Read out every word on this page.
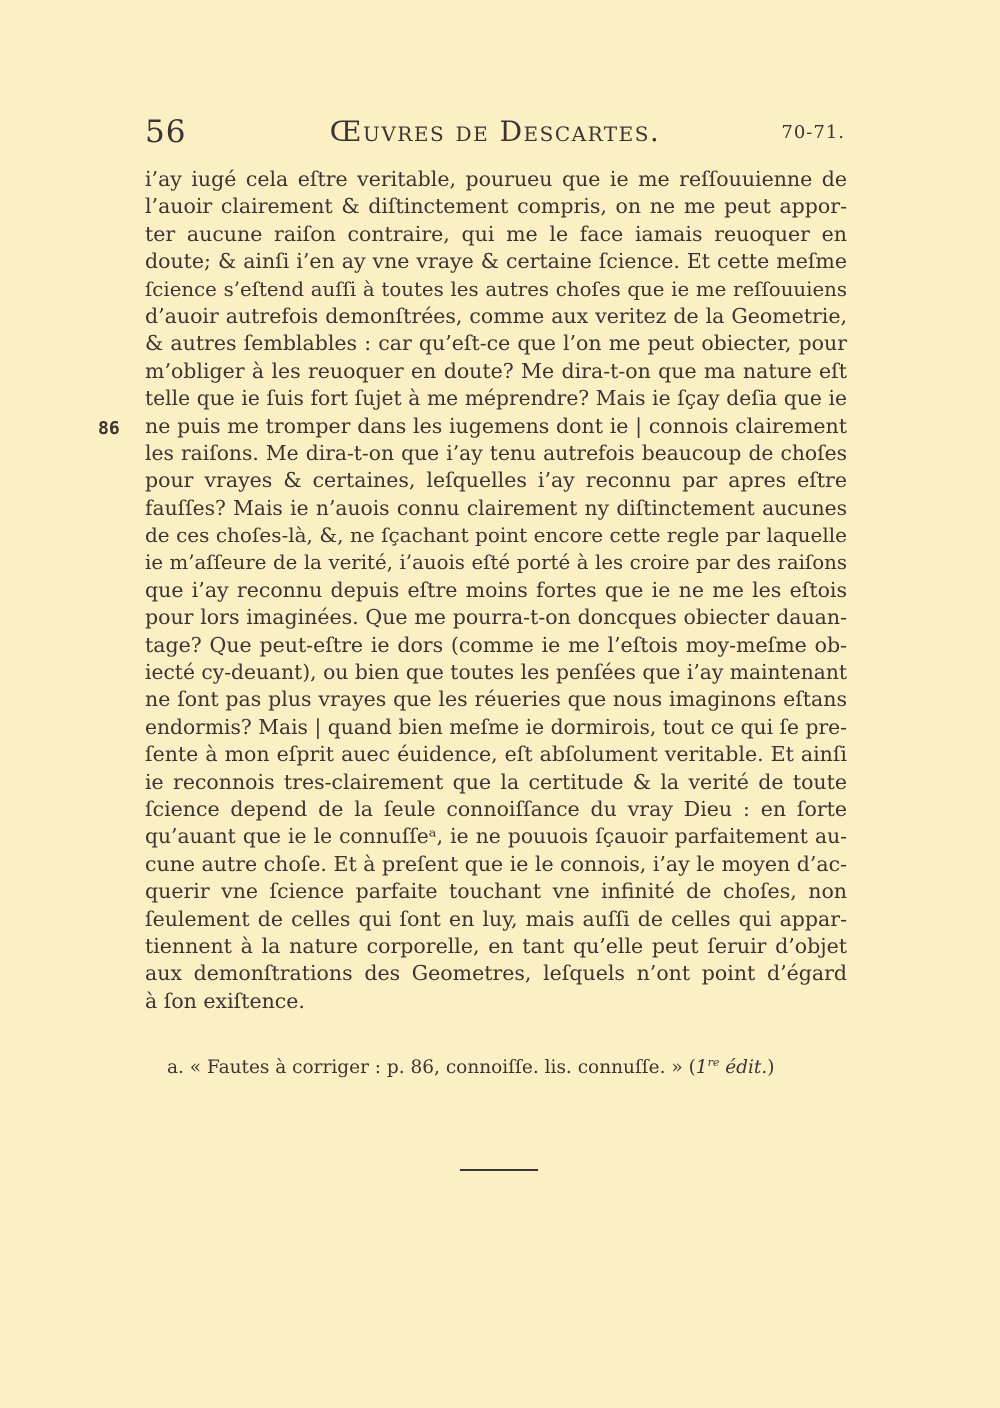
56	Œuvres de Descartes.	70-71.
86
i’ay iugé cela eſtre veritable, pourueu que ie me reſſouuienne de
l’auoir clairement & diſtinctement compris, on ne me peut appor-
ter aucune raiſon contraire, qui me le face iamais reuoquer en
doute; & ainſi i’en ay vne vraye & certaine ſcience. Et cette meſme
ſcience s’eſtend auſſi à toutes les autres choſes que ie me reſſouuiens
d’auoir autrefois demonſtrées, comme aux veritez de la Geometrie,
& autres ſemblables : car qu’eſt-ce que l’on me peut obiecter, pour
m’obliger à les reuoquer en doute? Me dira-t-on que ma nature eſt
telle que ie ſuis fort ſujet à me méprendre? Mais ie ſçay deſia que ie
ne puis me tromper dans les iugemens dont ie | connois clairement
les raiſons. Me dira-t-on que i’ay tenu autrefois beaucoup de choſes
pour vrayes & certaines, leſquelles i’ay reconnu par apres eſtre
fauſſes? Mais ie n’auois connu clairement ny diſtinctement aucunes
de ces choſes-là, &, ne ſçachant point encore cette regle par laquelle
ie m’aſſeure de la verité, i’auois eſté porté à les croire par des raiſons
que i’ay reconnu depuis eſtre moins fortes que ie ne me les eſtois
pour lors imaginées. Que me pourra-t-on doncques obiecter dauan-
tage? Que peut-eſtre ie dors (comme ie me l’eſtois moy-meſme ob-
iecté cy-deuant), ou bien que toutes les penſées que i’ay maintenant
ne ſont pas plus vrayes que les réueries que nous imaginons eſtans
endormis? Mais | quand bien meſme ie dormirois, tout ce qui ſe pre-
ſente à mon eſprit auec éuidence, eſt abſolument veritable. Et ainſi
ie reconnois tres-clairement que la certitude & la verité de toute
ſcience depend de la ſeule connoiſſance du vray Dieu : en ſorte
qu’auant que ie le connuſſeᵃ, ie ne pouuois ſçauoir parfaitement au-
cune autre choſe. Et à preſent que ie le connois, i’ay le moyen d’ac-
querir vne ſcience parfaite touchant vne infinité de choſes, non
ſeulement de celles qui ſont en luy, mais auſſi de celles qui appar-
tiennent à la nature corporelle, en tant qu’elle peut ſeruir d’objet
aux demonſtrations des Geometres, leſquels n’ont point d’égard
à ſon exiſtence.
a. « Fautes à corriger : p. 86, connoiſſe. lis. connuſſe. » (1re édit.)
